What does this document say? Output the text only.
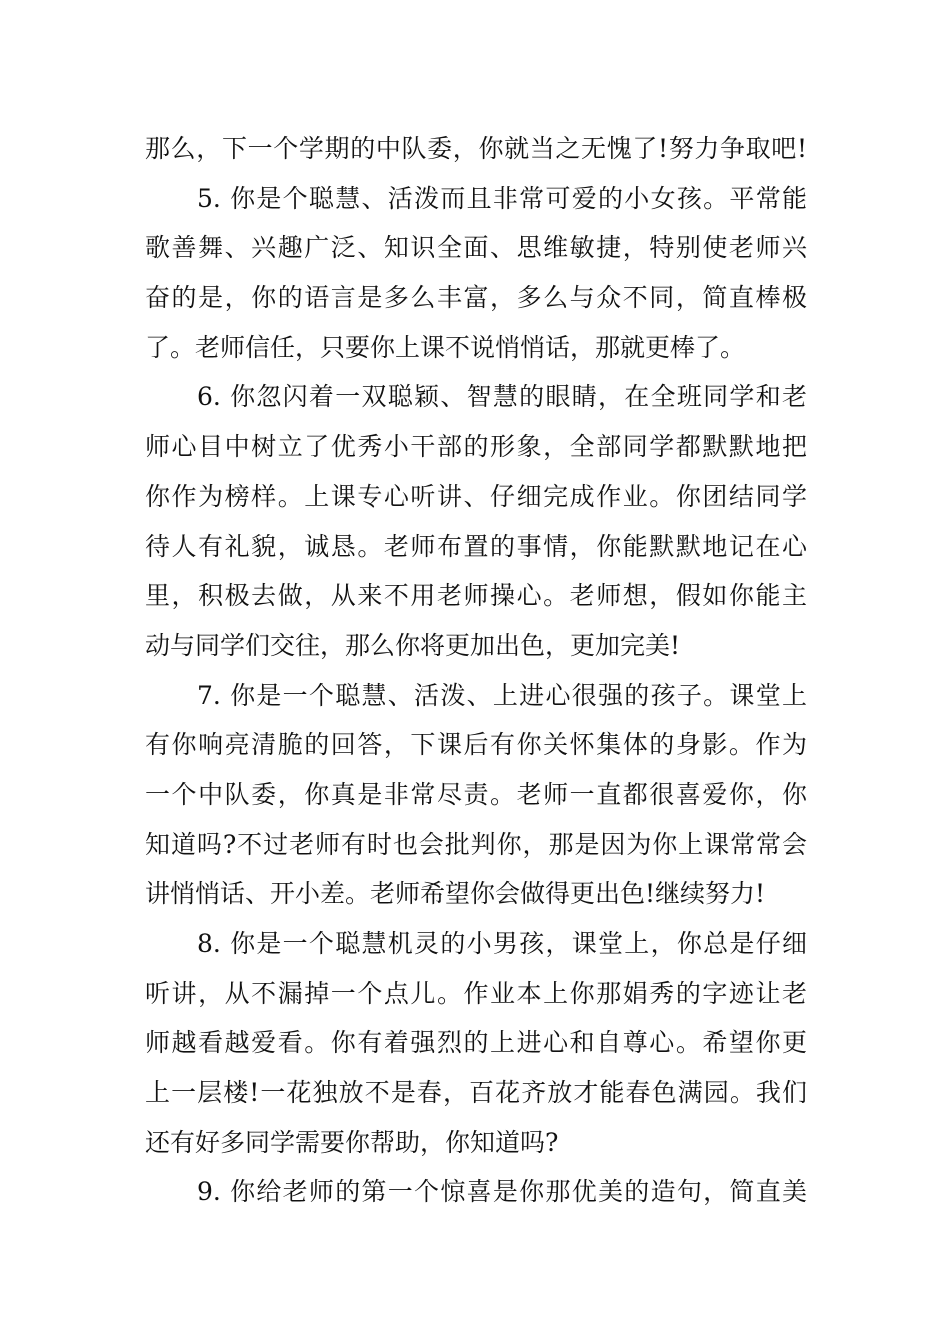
那么，下一个学期的中队委，你就当之无愧了!努力争取吧!
5. 你是个聪慧、活泼而且非常可爱的小女孩。平常能
歌善舞、兴趣广泛、知识全面、思维敏捷，特别使老师兴
奋的是，你的语言是多么丰富，多么与众不同，简直棒极
了。老师信任，只要你上课不说悄悄话，那就更棒了。
6. 你忽闪着一双聪颖、智慧的眼睛，在全班同学和老
师心目中树立了优秀小干部的形象，全部同学都默默地把
你作为榜样。上课专心听讲、仔细完成作业。你团结同学
待人有礼貌，诚恳。老师布置的事情，你能默默地记在心
里，积极去做，从来不用老师操心。老师想，假如你能主
动与同学们交往，那么你将更加出色，更加完美!
7. 你是一个聪慧、活泼、上进心很强的孩子。课堂上
有你响亮清脆的回答，下课后有你关怀集体的身影。作为
一个中队委，你真是非常尽责。老师一直都很喜爱你，你
知道吗?不过老师有时也会批判你，那是因为你上课常常会
讲悄悄话、开小差。老师希望你会做得更出色!继续努力!
8. 你是一个聪慧机灵的小男孩，课堂上，你总是仔细
听讲，从不漏掉一个点儿。作业本上你那娟秀的字迹让老
师越看越爱看。你有着强烈的上进心和自尊心。希望你更
上一层楼!一花独放不是春，百花齐放才能春色满园。我们
还有好多同学需要你帮助，你知道吗?
9. 你给老师的第一个惊喜是你那优美的造句，简直美
